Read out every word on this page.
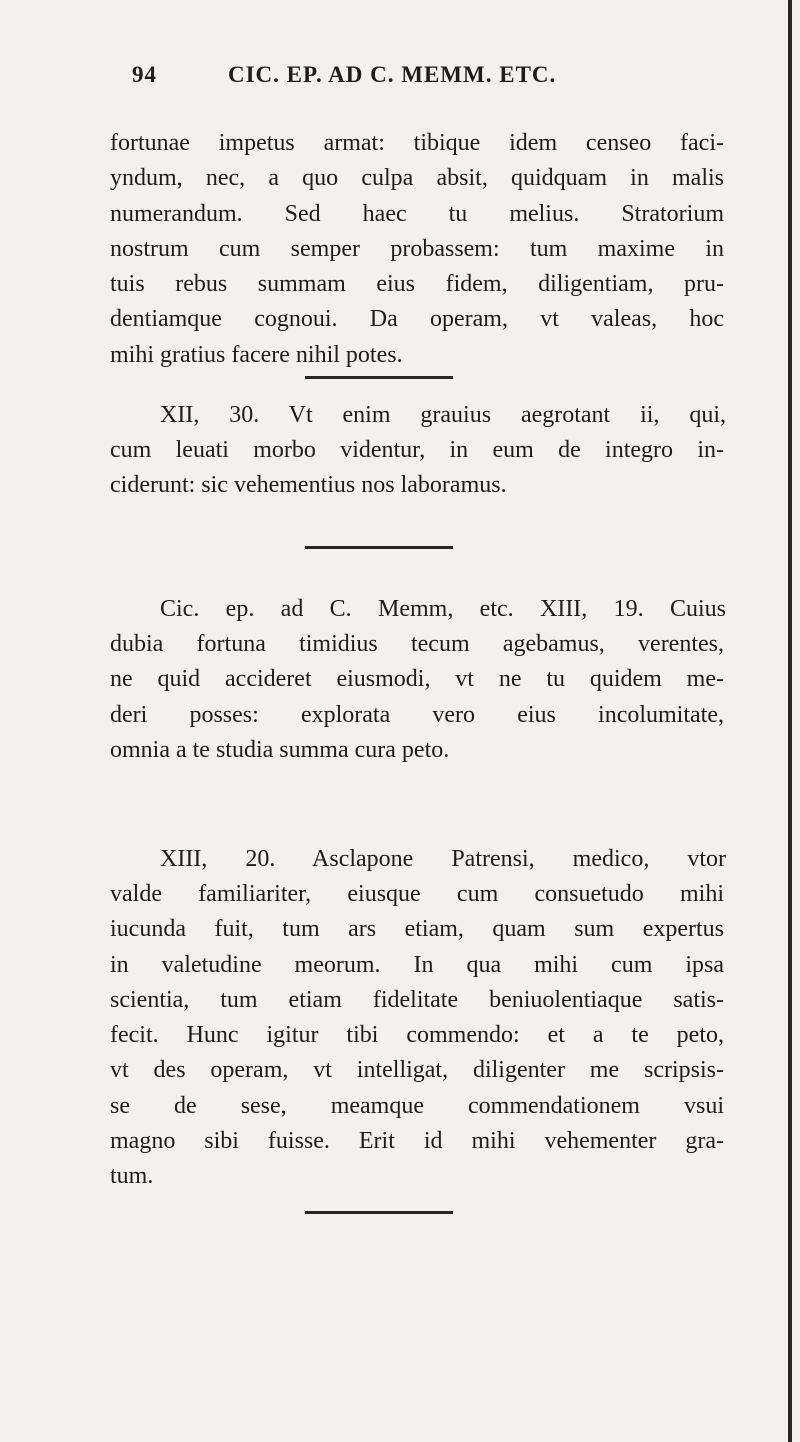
94	CIC. EP. AD C. MEMM. ETC.
fortunae impetus armat: tibique idem censeo faci-
yndum, nec, a quo culpa absit, quidquam in malis
numerandum. Sed haec tu melius. Stratorium
nostrum cum semper probassem: tum maxime in
tuis rebus summam eius fidem, diligentiam, pru-
dentiamque cognoui. Da operam, vt valeas, hoc
mihi gratius facere nihil potes.
XII, 30. Vt enim grauius aegrotant ii, qui,
cum leuati morbo videntur, in eum de integro in-
ciderunt: sic vehementius nos laboramus.
Cic. ep. ad C. Memm, etc. XIII, 19. Cuius
dubia fortuna timidius tecum agebamus, verentes,
ne quid accideret eiusmodi, vt ne tu quidem me-
deri posses: explorata vero eius incolumitate,
omnia a te studia summa cura peto.
XIII, 20. Asclapone Patrensi, medico, vtor
valde familiariter, eiusque cum consuetudo mihi
iucunda fuit, tum ars etiam, quam sum expertus
in valetudine meorum. In qua mihi cum ipsa
scientia, tum etiam fidelitate beniuolentiaque satis-
fecit. Hunc igitur tibi commendo: et a te peto,
vt des operam, vt intelligat, diligenter me scripsis-
se de sese, meamque commendationem vsui
magno sibi fuisse. Erit id mihi vehementer gra-
tum.
